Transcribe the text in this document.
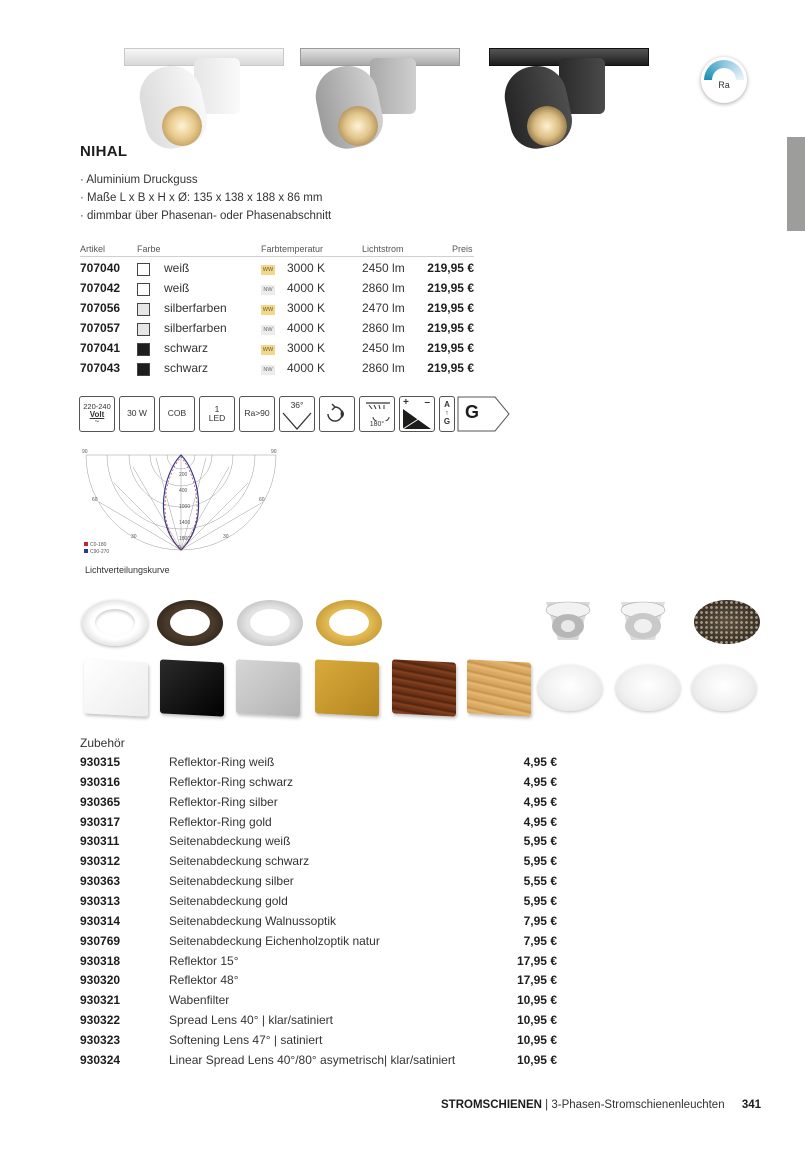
Ra
NIHAL
· Aluminium Druckguss
· Maße L x B x H x Ø: 135 x 138 x 188 x 86 mm
· dimmbar über Phasenan- oder Phasenabschnitt
Artikel	Farbe	Farbtemperatur	Lichtstrom	Preis
707040	weiß	WW 3000 K	2450 lm 219,95 €
707042	weiß	NW 4000 K	2860 lm 219,95 €
707056	silberfarben	WW 3000 K	2470 lm 219,95 €
707057	silberfarben	NW 4000 K	2860 lm 219,95 €
707041	schwarz	WW 3000 K	2450 lm 219,95 €
707043	schwarz	NW 4000 K	2860 lm 219,95 €
220-240
Volt
~
30 W COB	1
LED Ra>90
36°
180°
+ – A
↑
G G
90	90
60	60
30	30
0
200
400
1000
1400
1800
C0-180
C90-270
Lichtverteilungskurve
Zubehör
930315	Reflektor-Ring weiß	4,95 €
930316	Reflektor-Ring schwarz	4,95 €
930365	Reflektor-Ring silber	4,95 €
930317	Reflektor-Ring gold	4,95 €
930311	Seitenabdeckung weiß	5,95 €
930312	Seitenabdeckung schwarz	5,95 €
930363	Seitenabdeckung silber	5,55 €
930313	Seitenabdeckung gold	5,95 €
930314	Seitenabdeckung Walnussoptik	7,95 €
930769	Seitenabdeckung Eichenholzoptik natur	7,95 €
930318	Reflektor 15°	17,95 €
930320	Reflektor 48°	17,95 €
930321	Wabenfilter	10,95 €
930322	Spread Lens 40° | klar/satiniert	10,95 €
930323	Softening Lens 47° | satiniert	10,95 €
930324	Linear Spread Lens 40°/80° asymetrisch| klar/satiniert	10,95 €
STROMSCHIENEN | 3-Phasen-Stromschienenleuchten 341
